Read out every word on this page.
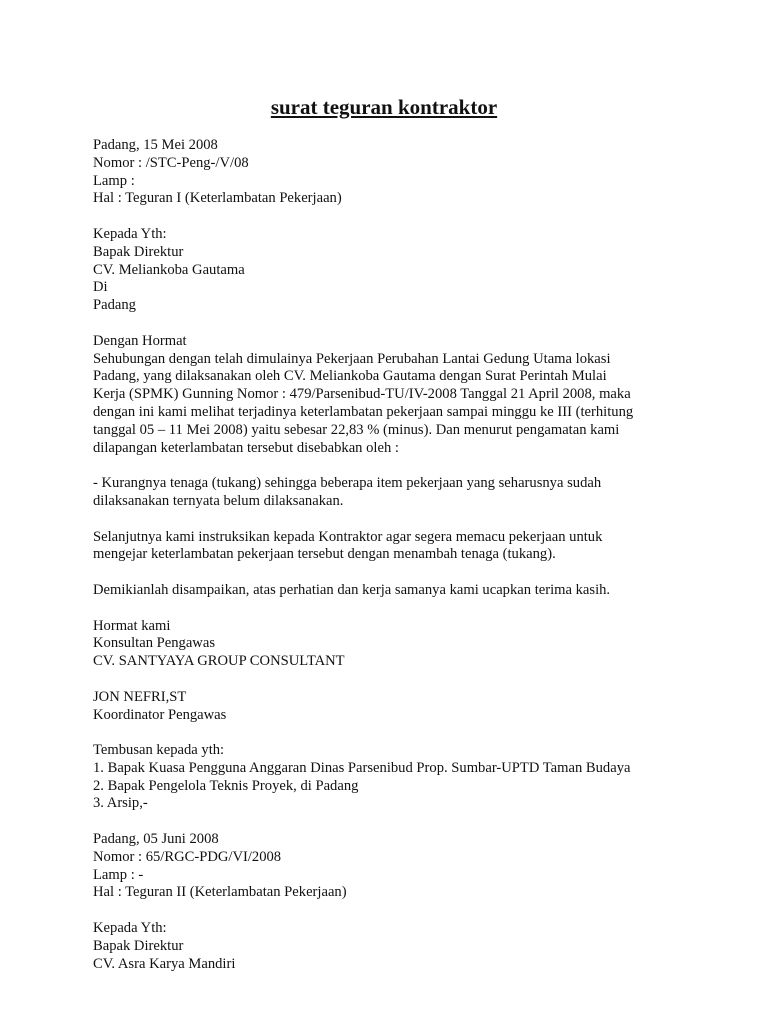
surat teguran kontraktor
Padang, 15 Mei 2008
Nomor : /STC-Peng-/V/08
Lamp :
Hal : Teguran I (Keterlambatan Pekerjaan)
Kepada Yth:
Bapak Direktur
CV. Meliankoba Gautama
Di
Padang
Dengan Hormat
Sehubungan dengan telah dimulainya Pekerjaan Perubahan Lantai Gedung Utama lokasi
Padang, yang dilaksanakan oleh CV. Meliankoba Gautama dengan Surat Perintah Mulai
Kerja (SPMK) Gunning Nomor : 479/Parsenibud-TU/IV-2008 Tanggal 21 April 2008, maka
dengan ini kami melihat terjadinya keterlambatan pekerjaan sampai minggu ke III (terhitung
tanggal 05 – 11 Mei 2008) yaitu sebesar 22,83 % (minus). Dan menurut pengamatan kami
dilapangan keterlambatan tersebut disebabkan oleh :
- Kurangnya tenaga (tukang) sehingga beberapa item pekerjaan yang seharusnya sudah
dilaksanakan ternyata belum dilaksanakan.
Selanjutnya kami instruksikan kepada Kontraktor agar segera memacu pekerjaan untuk
mengejar keterlambatan pekerjaan tersebut dengan menambah tenaga (tukang).
Demikianlah disampaikan, atas perhatian dan kerja samanya kami ucapkan terima kasih.
Hormat kami
Konsultan Pengawas
CV. SANTYAYA GROUP CONSULTANT
JON NEFRI,ST
Koordinator Pengawas
Tembusan kepada yth:
1. Bapak Kuasa Pengguna Anggaran Dinas Parsenibud Prop. Sumbar-UPTD Taman Budaya
2. Bapak Pengelola Teknis Proyek, di Padang
3. Arsip,-
Padang, 05 Juni 2008
Nomor : 65/RGC-PDG/VI/2008
Lamp : -
Hal : Teguran II (Keterlambatan Pekerjaan)
Kepada Yth:
Bapak Direktur
CV. Asra Karya Mandiri
